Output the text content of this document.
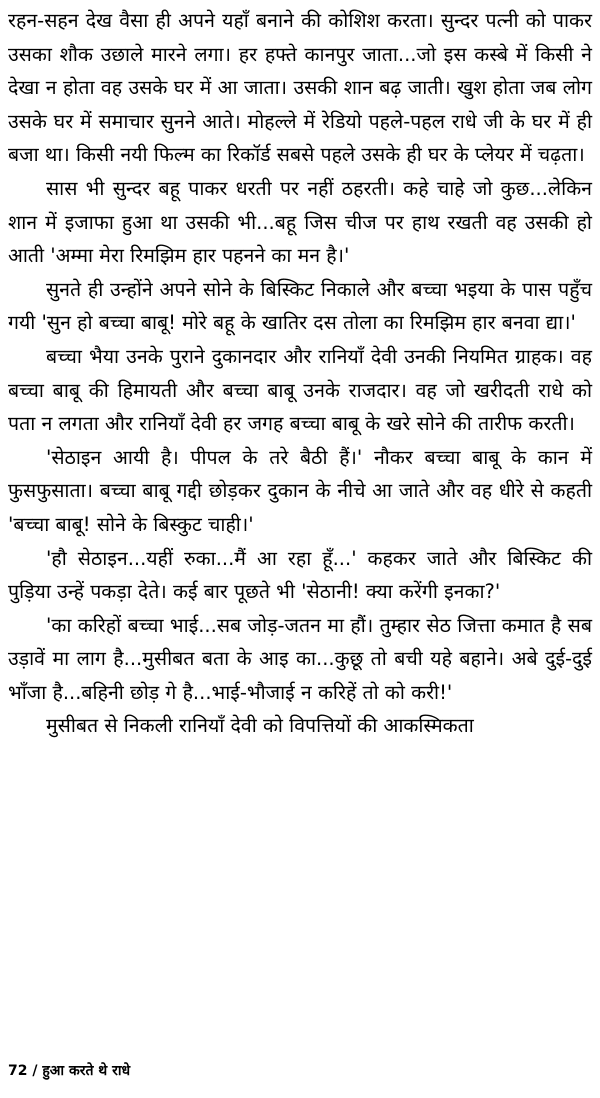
रहन-सहन देख वैसा ही अपने यहाँ बनाने की कोशिश करता। सुन्दर पत्नी को पाकर उसका शौक उछाले मारने लगा। हर हफ्ते कानपुर जाता...जो इस कस्बे में किसी ने देखा न होता वह उसके घर में आ जाता। उसकी शान बढ़ जाती। खुश होता जब लोग उसके घर में समाचार सुनने आते। मोहल्ले में रेडियो पहले-पहल राधे जी के घर में ही बजा था। किसी नयी फिल्म का रिकॉर्ड सबसे पहले उसके ही घर के प्लेयर में चढ़ता।

सास भी सुन्दर बहू पाकर धरती पर नहीं ठहरती। कहे चाहे जो कुछ...लेकिन शान में इजाफा हुआ था उसकी भी...बहू जिस चीज पर हाथ रखती वह उसकी हो आती 'अम्मा मेरा रिमझिम हार पहनने का मन है।'

सुनते ही उन्होंने अपने सोने के बिस्किट निकाले और बच्चा भइया के पास पहुँच गयी 'सुन हो बच्चा बाबू! मोरे बहू के खातिर दस तोला का रिमझिम हार बनवा द्या।'

बच्चा भैया उनके पुराने दुकानदार और रानियाँ देवी उनकी नियमित ग्राहक। वह बच्चा बाबू की हिमायती और बच्चा बाबू उनके राजदार। वह जो खरीदती राधे को पता न लगता और रानियाँ देवी हर जगह बच्चा बाबू के खरे सोने की तारीफ करती।

'सेठाइन आयी है। पीपल के तरे बैठी हैं।' नौकर बच्चा बाबू के कान में फुसफुसाता। बच्चा बाबू गद्दी छोड़कर दुकान के नीचे आ जाते और वह धीरे से कहती 'बच्चा बाबू! सोने के बिस्कुट चाही।'

'हौ सेठाइन...यहीं रुका...मैं आ रहा हूँ...' कहकर जाते और बिस्किट की पुड़िया उन्हें पकड़ा देते। कई बार पूछते भी 'सेठानी! क्या करेंगी इनका?'

'का करिहों बच्चा भाई...सब जोड़-जतन मा हौं। तुम्हार सेठ जित्ता कमात है सब उड़ावें मा लाग है...मुसीबत बता के आइ का...कुछू तो बची यहे बहाने। अबे दुई-दुई भाँजा है...बहिनी छोड़ गे है...भाई-भौजाई न करिहें तो को करी!'

मुसीबत से निकली रानियाँ देवी को विपत्तियों की आकस्मिकता

72 / हुआ करते थे राधे
